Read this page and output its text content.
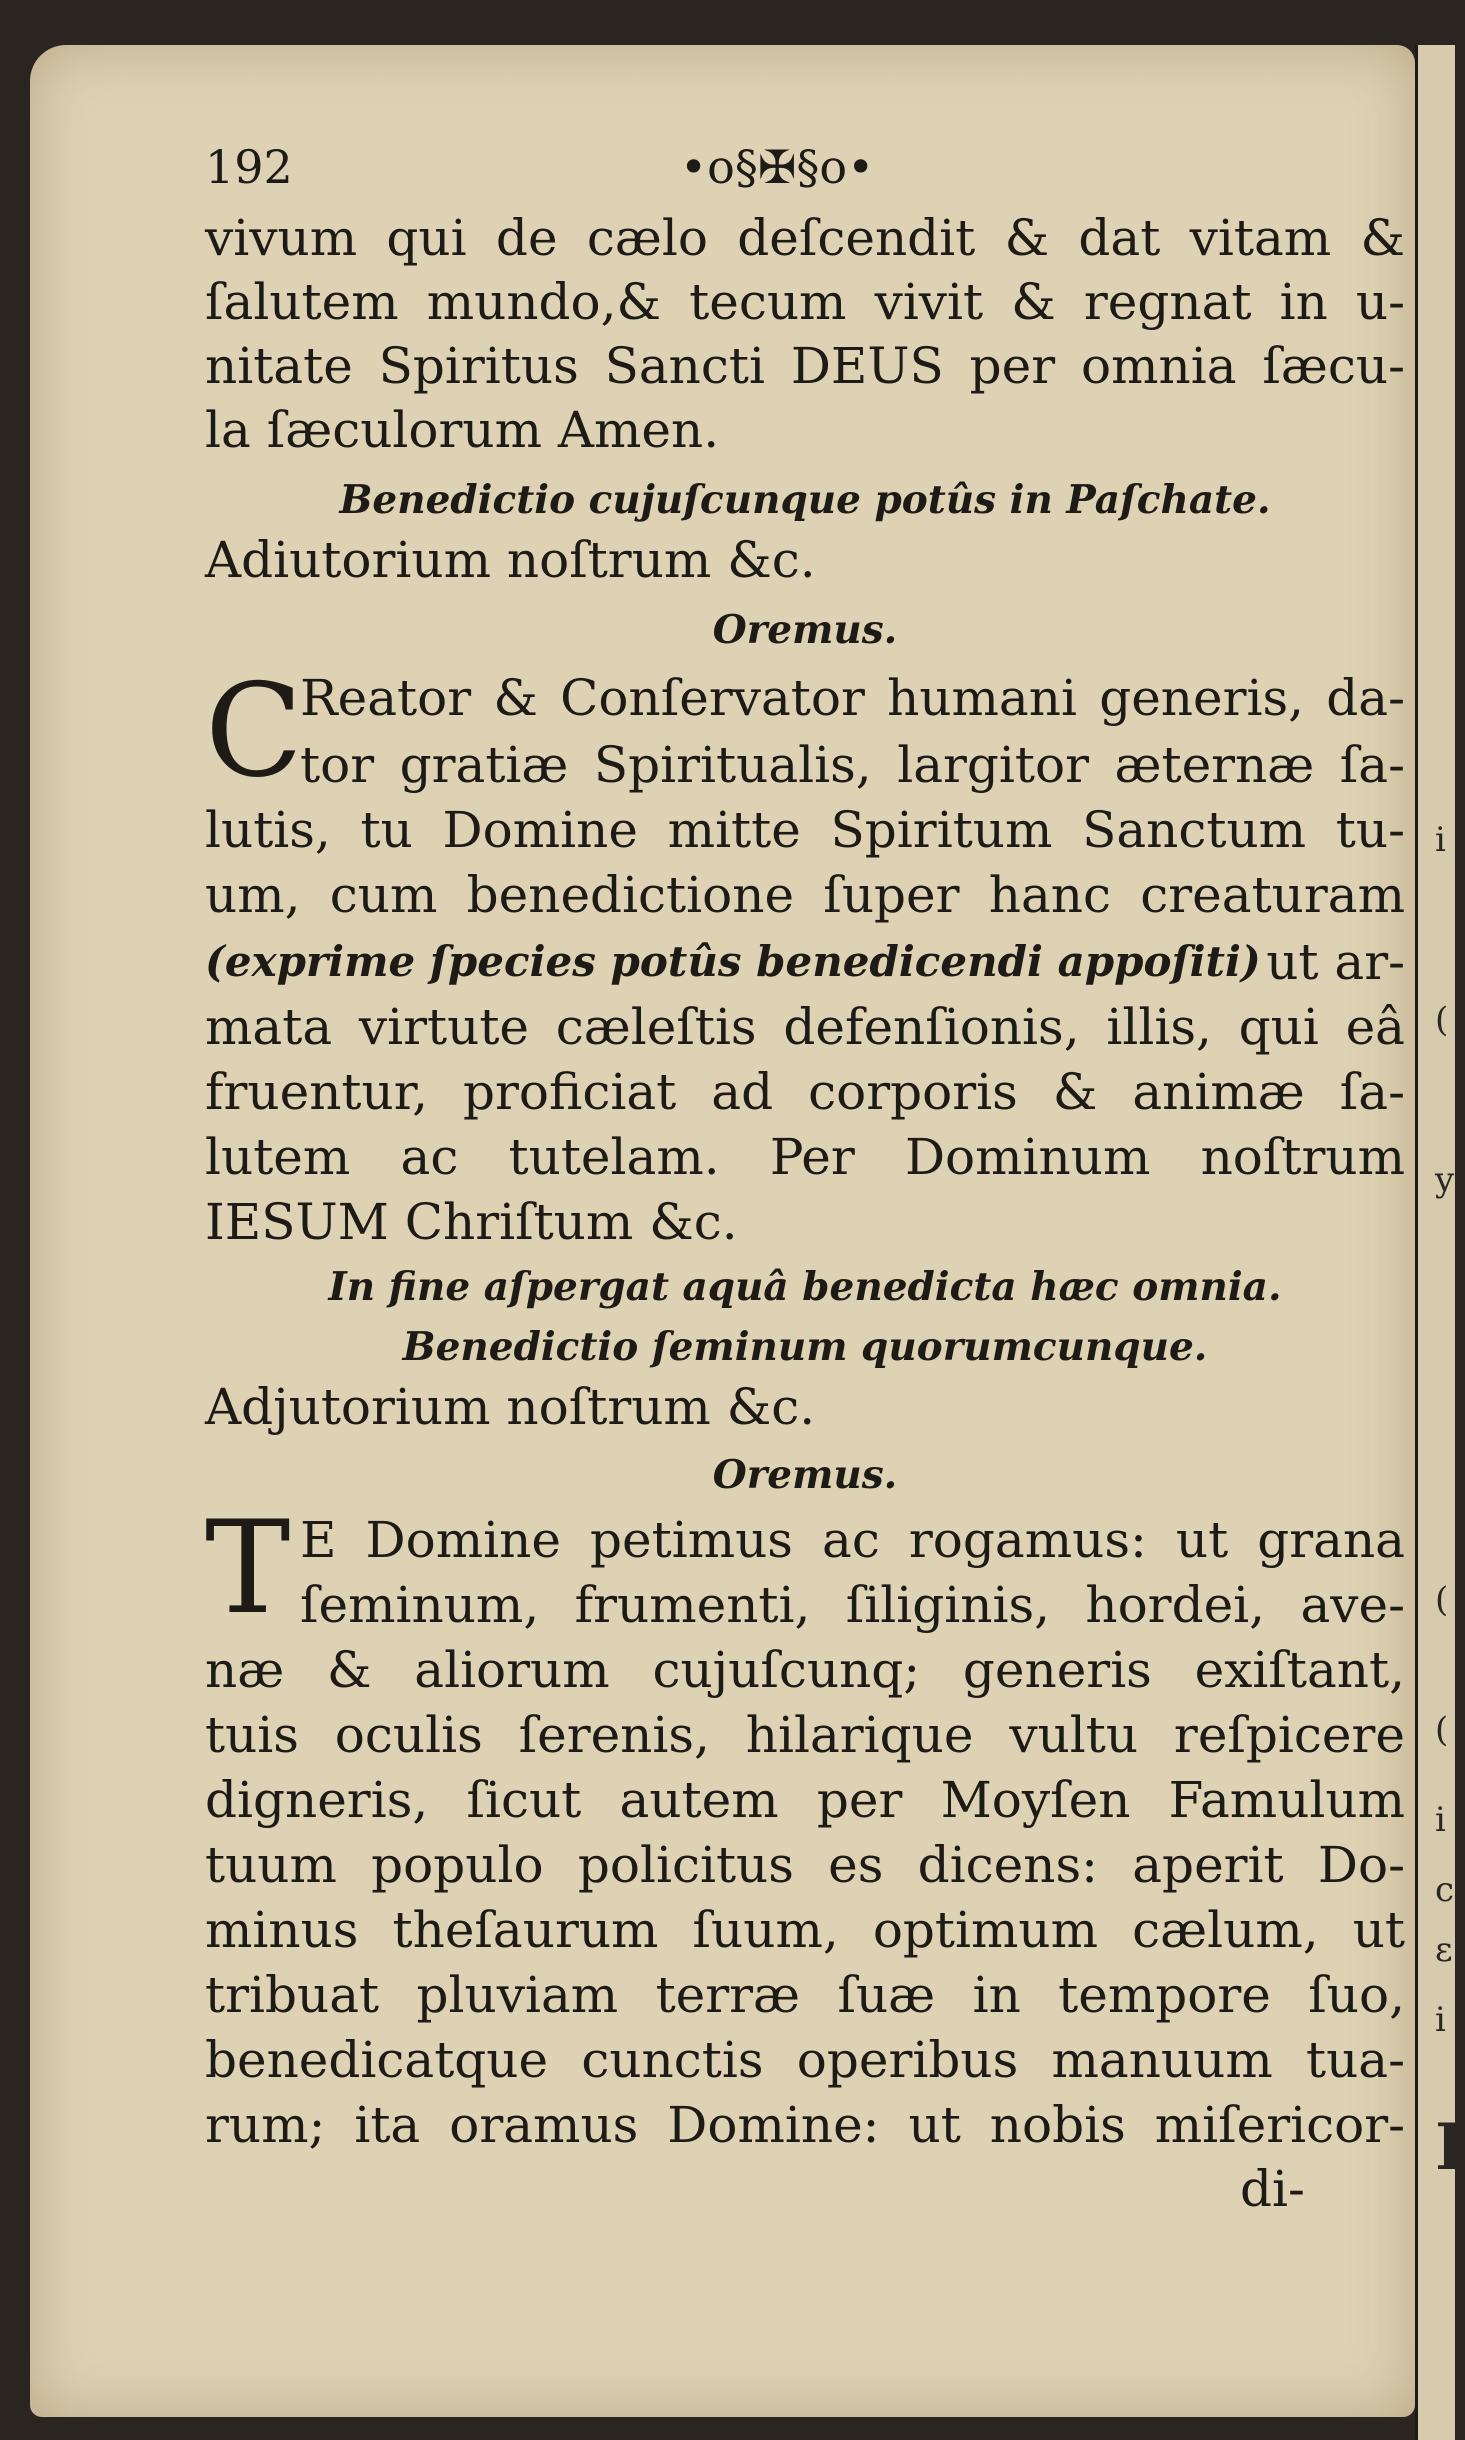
i
(
y
(
(
i
c
ε
i
I
192	•o§✠§o•
vivum qui de cælo deſcendit & dat vitam &
ſalutem mundo,& tecum vivit & regnat in u-
nitate Spiritus Sancti DEUS per omnia ſæcu-
la ſæculorum Amen.
Benedictio cujuſcunque potûs in Paſchate.
Adiutorium noſtrum &c.
Oremus.
C
Reator & Conſervator humani generis, da-
tor gratiæ Spiritualis, largitor æternæ ſa-
lutis, tu Domine mitte Spiritum Sanctum tu-
um, cum benedictione ſuper hanc creaturam
(exprime ſpecies potûs benedicendi appoſiti) ut ar-
mata virtute cæleſtis defenſionis, illis, qui eâ
fruentur, proficiat ad corporis & animæ ſa-
lutem ac tutelam. Per Dominum noſtrum
IESUM Chriſtum &c.
In fine aſpergat aquâ benedicta hæc omnia.
Benedictio ſeminum quorumcunque.
Adjutorium noſtrum &c.
Oremus.
T E Domine petimus ac rogamus: ut grana
ſeminum, frumenti, ſiliginis, hordei, ave-
næ & aliorum cujuſcunq; generis exiſtant,
tuis oculis ſerenis, hilarique vultu reſpicere
digneris, ſicut autem per Moyſen Famulum
tuum populo policitus es dicens: aperit Do-
minus theſaurum ſuum, optimum cælum, ut
tribuat pluviam terræ ſuæ in tempore ſuo,
benedicatque cunctis operibus manuum tua-
rum; ita oramus Domine: ut nobis miſericor-
di-
